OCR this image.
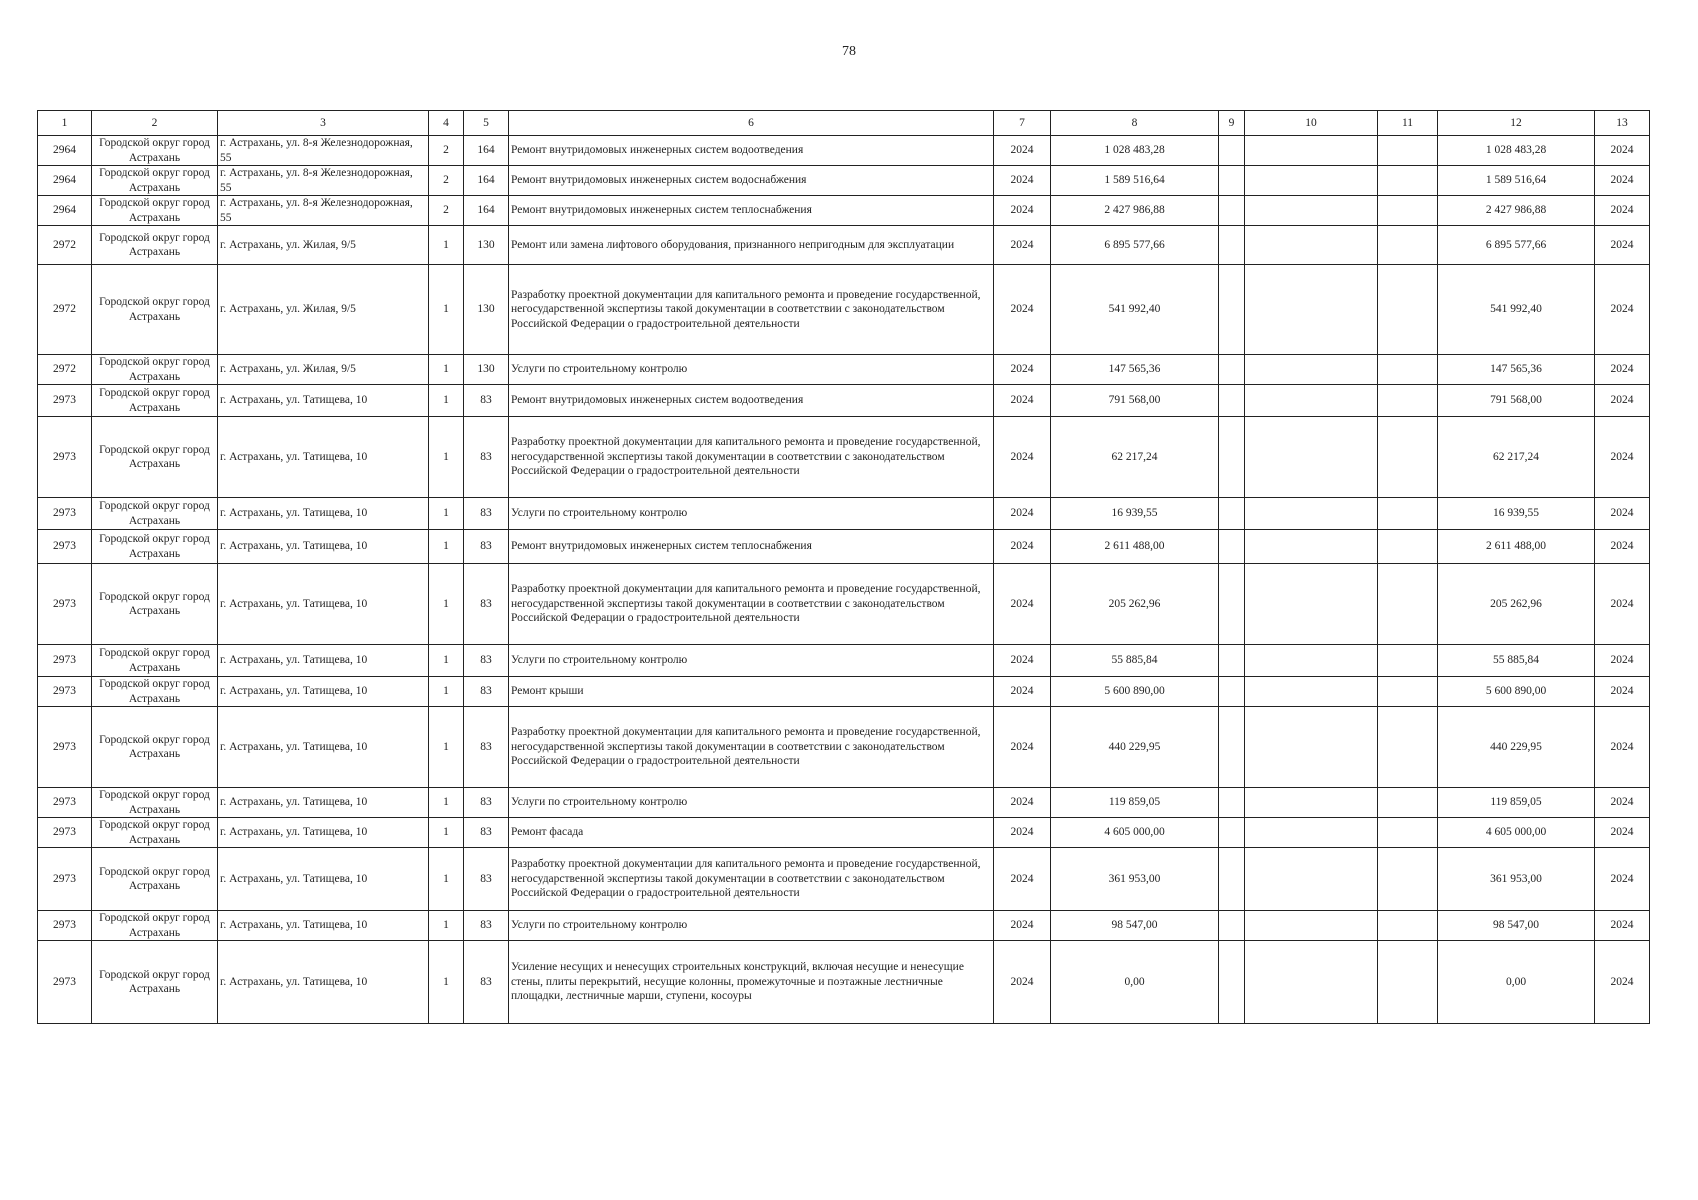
78
1	2	3	4	5	6	7	8	9	10	11	12	13
2964	Городской округ город Астрахань	г. Астрахань, ул. 8-я Железнодорожная, 55	2	164	Ремонт внутридомовых инженерных систем водоотведения	2024	1 028 483,28				1 028 483,28	2024
2964	Городской округ город Астрахань	г. Астрахань, ул. 8-я Железнодорожная, 55	2	164	Ремонт внутридомовых инженерных систем водоснабжения	2024	1 589 516,64				1 589 516,64	2024
2964	Городской округ город Астрахань	г. Астрахань, ул. 8-я Железнодорожная, 55	2	164	Ремонт внутридомовых инженерных систем теплоснабжения	2024	2 427 986,88				2 427 986,88	2024
2972	Городской округ город Астрахань	г. Астрахань, ул. Жилая, 9/5	1	130	Ремонт или замена лифтового оборудования, признанного непригодным для эксплуатации	2024	6 895 577,66				6 895 577,66	2024
2972	Городской округ город Астрахань	г. Астрахань, ул. Жилая, 9/5	1	130	Разработку проектной документации для капитального ремонта и проведение государственной, негосударственной экспертизы такой документации в соответствии с законодательством Российской Федерации о градостроительной деятельности	2024	541 992,40				541 992,40	2024
2972	Городской округ город Астрахань	г. Астрахань, ул. Жилая, 9/5	1	130	Услуги по строительному контролю	2024	147 565,36				147 565,36	2024
2973	Городской округ город Астрахань	г. Астрахань, ул. Татищева, 10	1	83	Ремонт внутридомовых инженерных систем водоотведения	2024	791 568,00				791 568,00	2024
2973	Городской округ город Астрахань	г. Астрахань, ул. Татищева, 10	1	83	Разработку проектной документации для капитального ремонта и проведение государственной, негосударственной экспертизы такой документации в соответствии с законодательством Российской Федерации о градостроительной деятельности	2024	62 217,24				62 217,24	2024
2973	Городской округ город Астрахань	г. Астрахань, ул. Татищева, 10	1	83	Услуги по строительному контролю	2024	16 939,55				16 939,55	2024
2973	Городской округ город Астрахань	г. Астрахань, ул. Татищева, 10	1	83	Ремонт внутридомовых инженерных систем теплоснабжения	2024	2 611 488,00				2 611 488,00	2024
2973	Городской округ город Астрахань	г. Астрахань, ул. Татищева, 10	1	83	Разработку проектной документации для капитального ремонта и проведение государственной, негосударственной экспертизы такой документации в соответствии с законодательством Российской Федерации о градостроительной деятельности	2024	205 262,96				205 262,96	2024
2973	Городской округ город Астрахань	г. Астрахань, ул. Татищева, 10	1	83	Услуги по строительному контролю	2024	55 885,84				55 885,84	2024
2973	Городской округ город Астрахань	г. Астрахань, ул. Татищева, 10	1	83	Ремонт крыши	2024	5 600 890,00				5 600 890,00	2024
2973	Городской округ город Астрахань	г. Астрахань, ул. Татищева, 10	1	83	Разработку проектной документации для капитального ремонта и проведение государственной, негосударственной экспертизы такой документации в соответствии с законодательством Российской Федерации о градостроительной деятельности	2024	440 229,95				440 229,95	2024
2973	Городской округ город Астрахань	г. Астрахань, ул. Татищева, 10	1	83	Услуги по строительному контролю	2024	119 859,05				119 859,05	2024
2973	Городской округ город Астрахань	г. Астрахань, ул. Татищева, 10	1	83	Ремонт фасада	2024	4 605 000,00				4 605 000,00	2024
2973	Городской округ город Астрахань	г. Астрахань, ул. Татищева, 10	1	83	Разработку проектной документации для капитального ремонта и проведение государственной, негосударственной экспертизы такой документации в соответствии с законодательством Российской Федерации о градостроительной деятельности	2024	361 953,00				361 953,00	2024
2973	Городской округ город Астрахань	г. Астрахань, ул. Татищева, 10	1	83	Услуги по строительному контролю	2024	98 547,00				98 547,00	2024
2973	Городской округ город Астрахань	г. Астрахань, ул. Татищева, 10	1	83	Усиление несущих и ненесущих строительных конструкций, включая несущие и ненесущие стены, плиты перекрытий, несущие колонны, промежуточные и поэтажные лестничные площадки, лестничные марши, ступени, косоуры	2024	0,00				0,00	2024
